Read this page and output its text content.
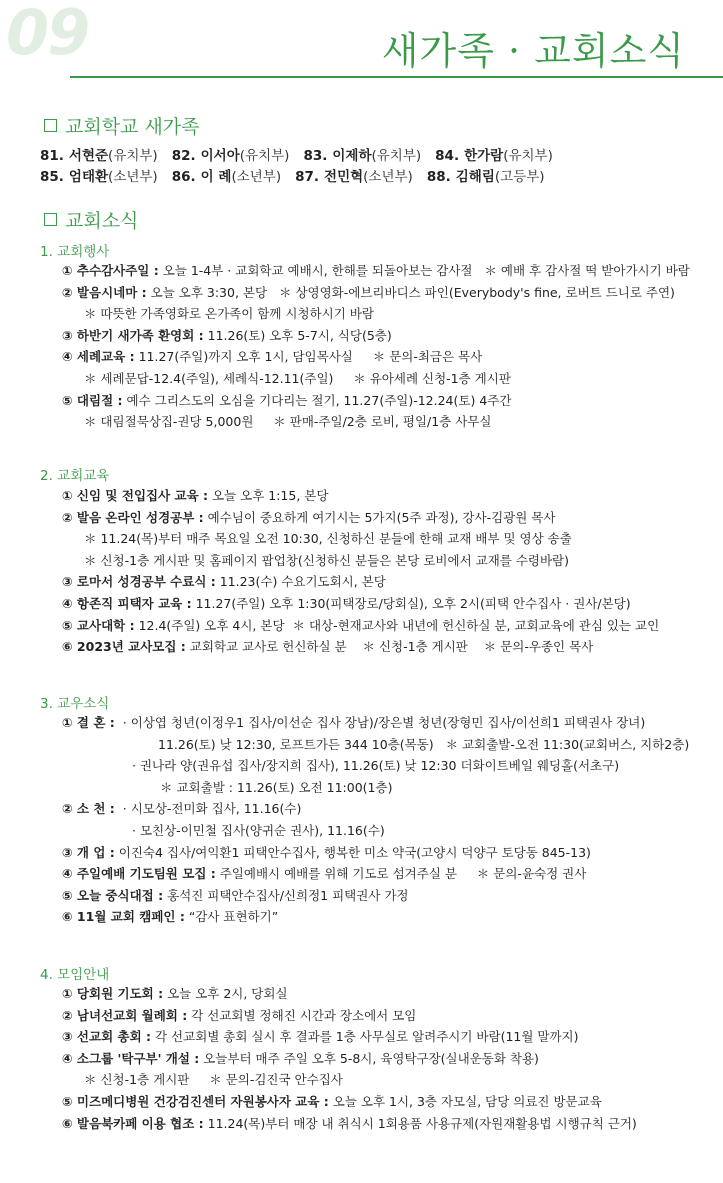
09	새가족 · 교회소식
교회학교 새가족
81. 서현준(유치부) 82. 이서아(유치부) 83. 이제하(유치부) 84. 한가람(유치부)
85. 엄태환(소년부) 86. 이 례(소년부) 87. 전민혁(소년부) 88. 김해림(고등부)
교회소식
1. 교회행사
① 추수감사주일 : 오늘 1-4부 · 교회학교 예배시, 한해를 되돌아보는 감사절   ＊ 예배 후 감사절 떡 받아가시기 바람
② 발음시네마 : 오늘 오후 3:30, 본당   ＊ 상영영화-에브리바디스 파인(Everybody's fine, 로버트 드니로 주연)
＊ 따뜻한 가족영화로 온가족이 함께 시청하시기 바람
③ 하반기 새가족 환영회 : 11.26(토) 오후 5-7시, 식당(5층)
④ 세례교육 : 11.27(주일)까지 오후 1시, 담임목사실     ＊ 문의-최금은 목사
＊ 세례문답-12.4(주일), 세례식-12.11(주일)     ＊ 유아세례 신청-1층 게시판
⑤ 대림절 : 예수 그리스도의 오심을 기다리는 절기, 11.27(주일)-12.24(토) 4주간
＊ 대림절묵상집-권당 5,000원     ＊ 판매-주일/2층 로비, 평일/1층 사무실
2. 교회교육
① 신임 및 전입집사 교육 : 오늘 오후 1:15, 본당
② 발음 온라인 성경공부 : 예수님이 중요하게 여기시는 5가지(5주 과정), 강사-김광원 목사
＊ 11.24(목)부터 매주 목요일 오전 10:30, 신청하신 분들에 한해 교재 배부 및 영상 송출
＊ 신청-1층 게시판 및 홈페이지 팝업창(신청하신 분들은 본당 로비에서 교재를 수령바람)
③ 로마서 성경공부 수료식 : 11.23(수) 수요기도회시, 본당
④ 항존직 피택자 교육 : 11.27(주일) 오후 1:30(피택장로/당회실), 오후 2시(피택 안수집사 · 권사/본당)
⑤ 교사대학 : 12.4(주일) 오후 4시, 본당  ＊ 대상-현재교사와 내년에 헌신하실 분, 교회교육에 관심 있는 교인
⑥ 2023년 교사모집 : 교회학교 교사로 헌신하실 분    ＊ 신청-1층 게시판    ＊ 문의-우종인 목사
3. 교우소식
① 결 혼 :  · 이상엽 청년(이정우1 집사/이선순 집사 장남)/장은별 청년(장형민 집사/이선희1 피택권사 장녀)
11.26(토) 낮 12:30, 로프트가든 344 10층(목동)   ＊ 교회출발-오전 11:30(교회버스, 지하2층)
· 권나라 양(권유섭 집사/장지희 집사), 11.26(토) 낮 12:30 더화이트베일 웨딩홀(서초구)
＊ 교회출발 : 11.26(토) 오전 11:00(1층)
② 소 천 :  · 시모상-전미화 집사, 11.16(수)
· 모친상-이민철 집사(양귀순 권사), 11.16(수)
③ 개 업 : 이진숙4 집사/여익환1 피택안수집사, 행복한 미소 약국(고양시 덕양구 토당동 845-13)
④ 주일예배 기도팀원 모집 : 주일예배시 예배를 위해 기도로 섬겨주실 분     ＊ 문의-윤숙정 권사
⑤ 오늘 중식대접 : 홍석진 피택안수집사/신희정1 피택권사 가정
⑥ 11월 교회 캠페인 : “감사 표현하기”
4. 모임안내
① 당회원 기도회 : 오늘 오후 2시, 당회실
② 남녀선교회 월례회 : 각 선교회별 정해진 시간과 장소에서 모임
③ 선교회 총회 : 각 선교회별 총회 실시 후 결과를 1층 사무실로 알려주시기 바람(11월 말까지)
④ 소그룹 '탁구부' 개설 : 오늘부터 매주 주일 오후 5-8시, 육영탁구장(실내운동화 착용)
＊ 신청-1층 게시판     ＊ 문의-김진국 안수집사
⑤ 미즈메디병원 건강검진센터 자원봉사자 교육 : 오늘 오후 1시, 3층 자모실, 담당 의료진 방문교육
⑥ 발음북카페 이용 협조 : 11.24(목)부터 매장 내 취식시 1회용품 사용규제(자원재활용법 시행규칙 근거)
